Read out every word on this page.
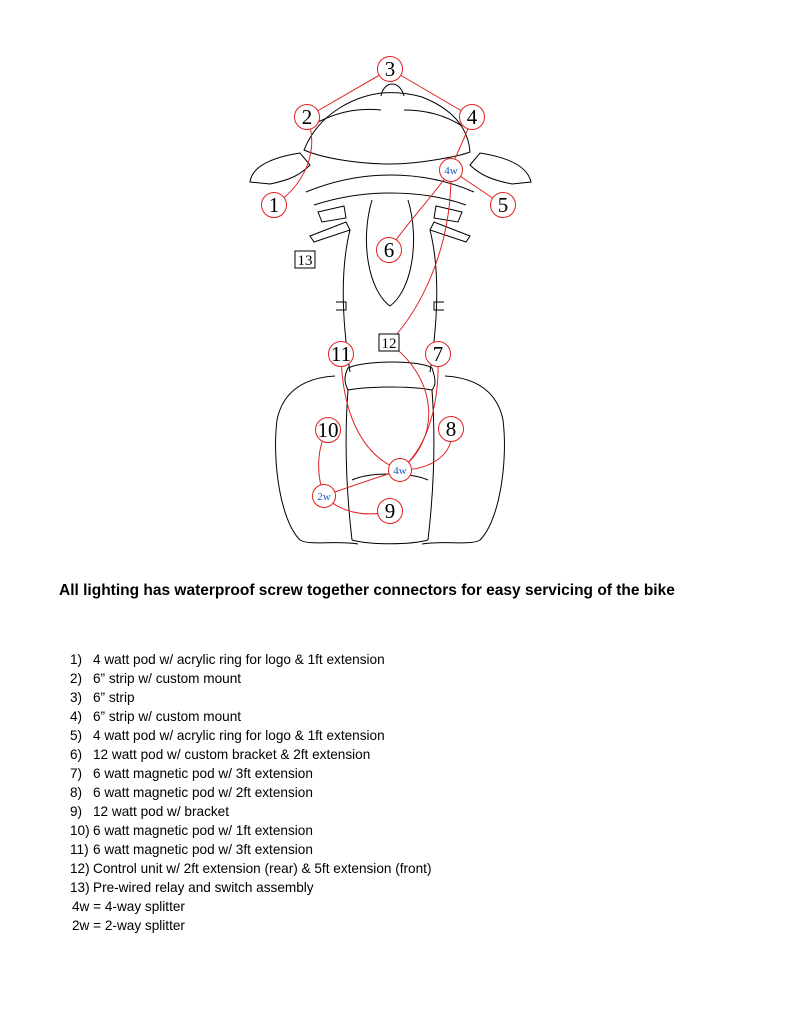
1
2
3
4
5
6
7
8
9
10
11
4w
4w
2w
12
13
All lighting has waterproof screw together connectors for easy servicing of the bike
1) 4 watt pod w/ acrylic ring for logo & 1ft extension
2) 6” strip w/ custom mount
3) 6” strip
4) 6” strip w/ custom mount
5) 4 watt pod w/ acrylic ring for logo & 1ft extension
6) 12 watt pod w/ custom bracket & 2ft extension
7) 6 watt magnetic pod w/ 3ft extension
8) 6 watt magnetic pod w/ 2ft extension
9) 12 watt pod w/ bracket
10) 6 watt magnetic pod w/ 1ft extension
11) 6 watt magnetic pod w/ 3ft extension
12) Control unit w/ 2ft extension (rear) & 5ft extension (front)
13) Pre-wired relay and switch assembly
4w = 4-way splitter
2w = 2-way splitter
